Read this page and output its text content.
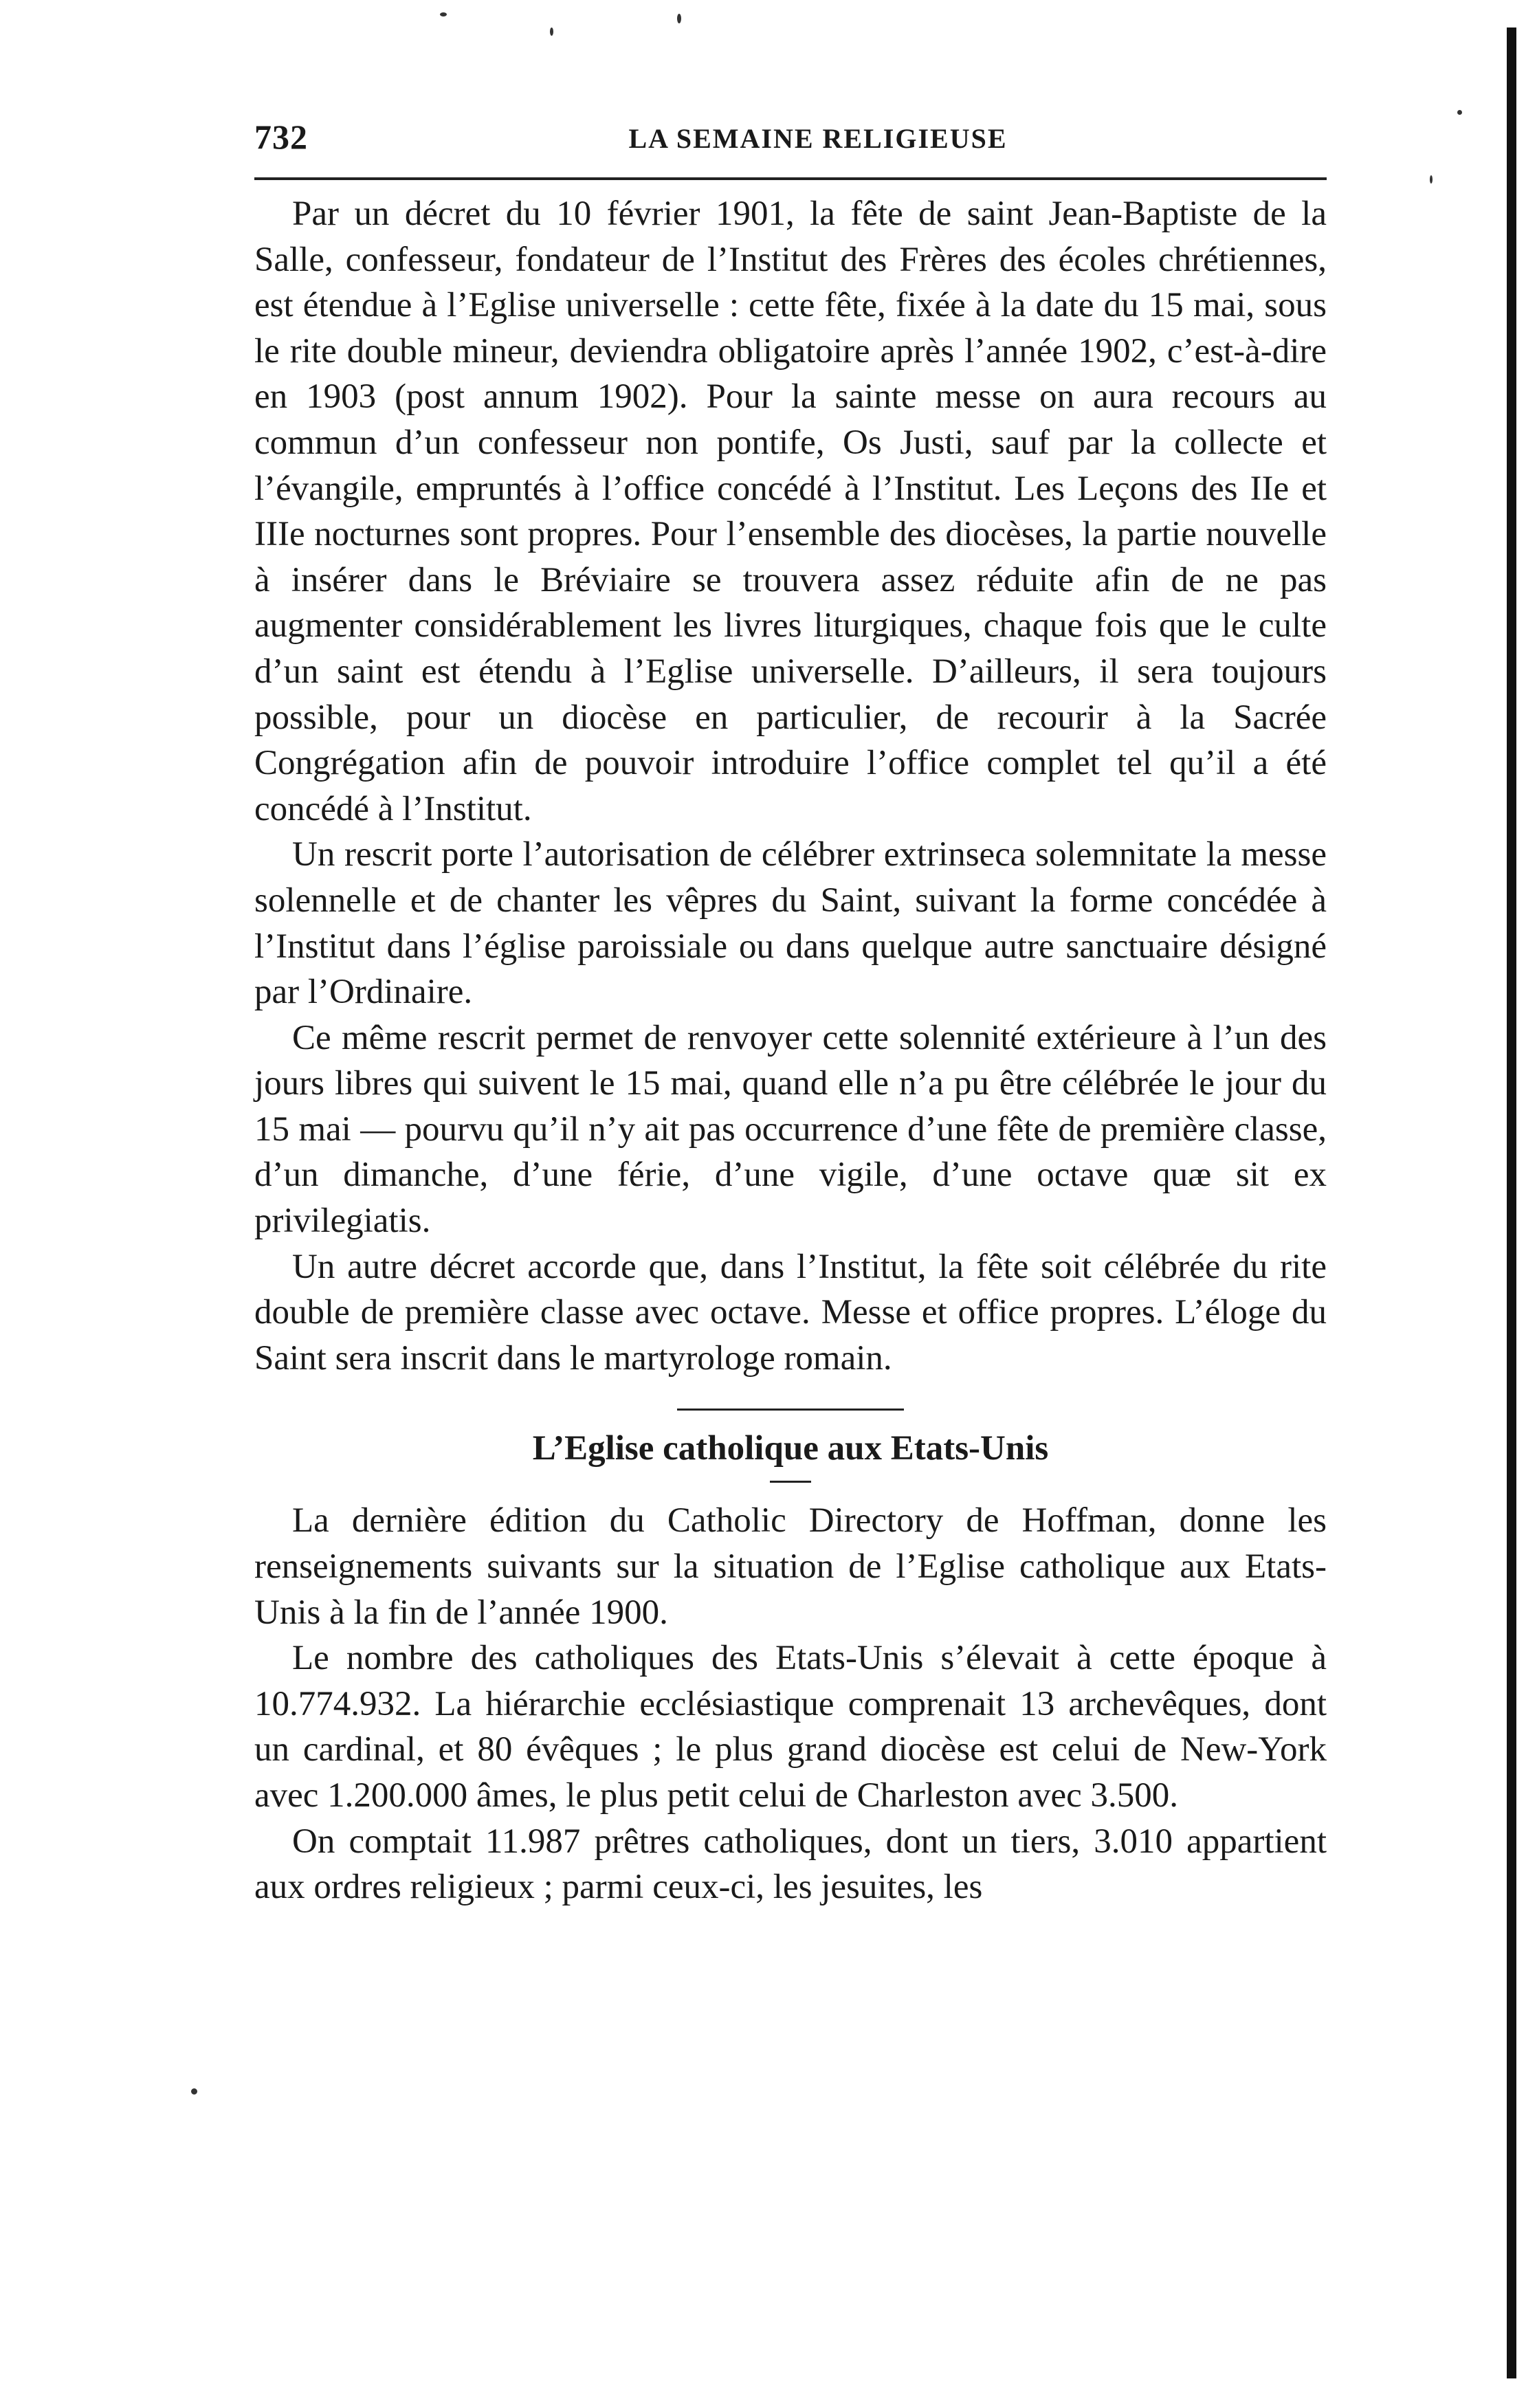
732	LA SEMAINE RELIGIEUSE

Par un décret du 10 février 1901, la fête de saint Jean-Baptiste de la Salle, confesseur, fondateur de l’Institut des Frères des écoles chrétiennes, est étendue à l’Eglise universelle : cette fête, fixée à la date du 15 mai, sous le rite double mineur, deviendra obligatoire après l’année 1902, c’est-à-dire en 1903 (post annum 1902). Pour la sainte messe on aura recours au commun d’un confesseur non pontife, Os Justi, sauf par la collecte et l’évangile, empruntés à l’office concédé à l’Institut. Les Leçons des IIe et IIIe nocturnes sont propres. Pour l’ensemble des diocèses, la partie nouvelle à insérer dans le Bréviaire se trouvera assez réduite afin de ne pas augmenter considérablement les livres liturgiques, chaque fois que le culte d’un saint est étendu à l’Eglise universelle. D’ailleurs, il sera toujours possible, pour un diocèse en particulier, de recourir à la Sacrée Congrégation afin de pouvoir introduire l’office complet tel qu’il a été concédé à l’Institut.

Un rescrit porte l’autorisation de célébrer extrinseca solemnitate la messe solennelle et de chanter les vêpres du Saint, suivant la forme concédée à l’Institut dans l’église paroissiale ou dans quelque autre sanctuaire désigné par l’Ordinaire.

Ce même rescrit permet de renvoyer cette solennité extérieure à l’un des jours libres qui suivent le 15 mai, quand elle n’a pu être célébrée le jour du 15 mai — pourvu qu’il n’y ait pas occurrence d’une fête de première classe, d’un dimanche, d’une férie, d’une vigile, d’une octave quæ sit ex privilegiatis.

Un autre décret accorde que, dans l’Institut, la fête soit célébrée du rite double de première classe avec octave. Messe et office propres. L’éloge du Saint sera inscrit dans le martyrologe romain.

L’Eglise catholique aux Etats-Unis

La dernière édition du Catholic Directory de Hoffman, donne les renseignements suivants sur la situation de l’Eglise catholique aux Etats-Unis à la fin de l’année 1900.

Le nombre des catholiques des Etats-Unis s’élevait à cette époque à 10.774.932. La hiérarchie ecclésiastique comprenait 13 archevêques, dont un cardinal, et 80 évêques ; le plus grand diocèse est celui de New-York avec 1.200.000 âmes, le plus petit celui de Charleston avec 3.500.

On comptait 11.987 prêtres catholiques, dont un tiers, 3.010 appartient aux ordres religieux ; parmi ceux-ci, les jesuites, les
